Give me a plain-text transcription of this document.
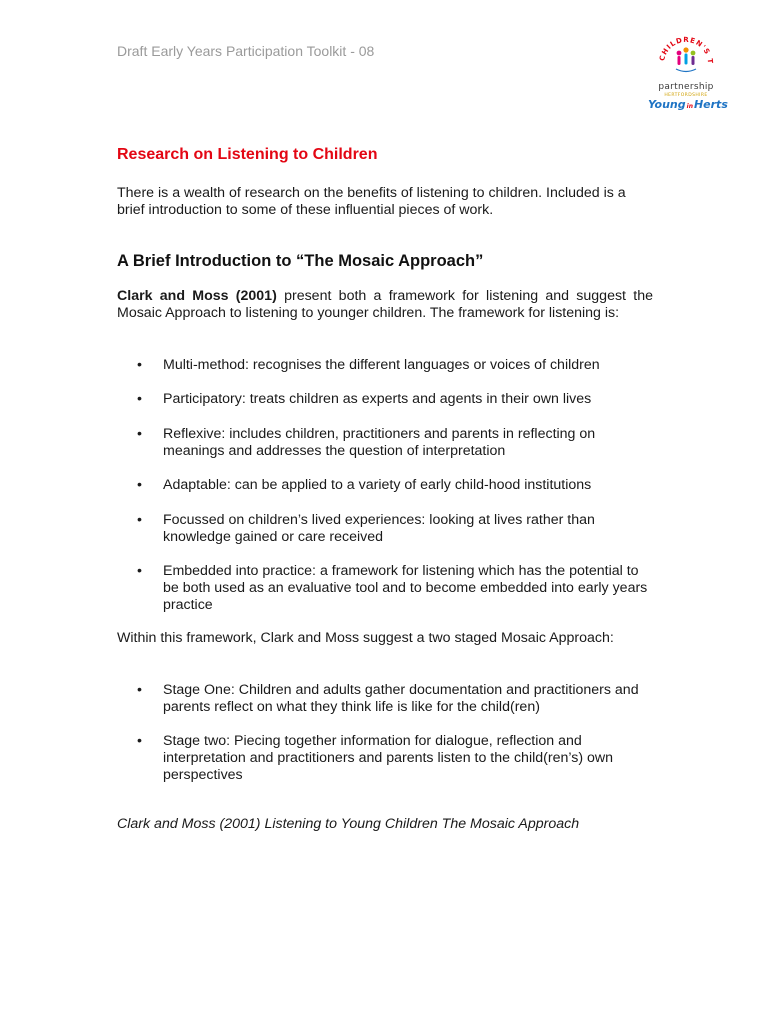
Draft Early Years Participation Toolkit - 08	CHILDREN'S T
partnership
HERTFORDSHIRE
YounginHerts
Research on Listening to Children

There is a wealth of research on the benefits of listening to children. Included is a brief introduction to some of these influential pieces of work.

A Brief Introduction to “The Mosaic Approach”

Clark and Moss (2001) present both a framework for listening and suggest the Mosaic Approach to listening to younger children. The framework for listening is:

• Multi-method: recognises the different languages or voices of children
• Participatory: treats children as experts and agents in their own lives
• Reflexive: includes children, practitioners and parents in reflecting on meanings and addresses the question of interpretation
• Adaptable: can be applied to a variety of early child-hood institutions
• Focussed on children’s lived experiences: looking at lives rather than knowledge gained or care received
• Embedded into practice: a framework for listening which has the potential to be both used as an evaluative tool and to become embedded into early years practice

Within this framework, Clark and Moss suggest a two staged Mosaic Approach:

• Stage One: Children and adults gather documentation and practitioners and parents reflect on what they think life is like for the child(ren)
• Stage two: Piecing together information for dialogue, reflection and interpretation and practitioners and parents listen to the child(ren’s) own perspectives

Clark and Moss (2001) Listening to Young Children The Mosaic Approach
